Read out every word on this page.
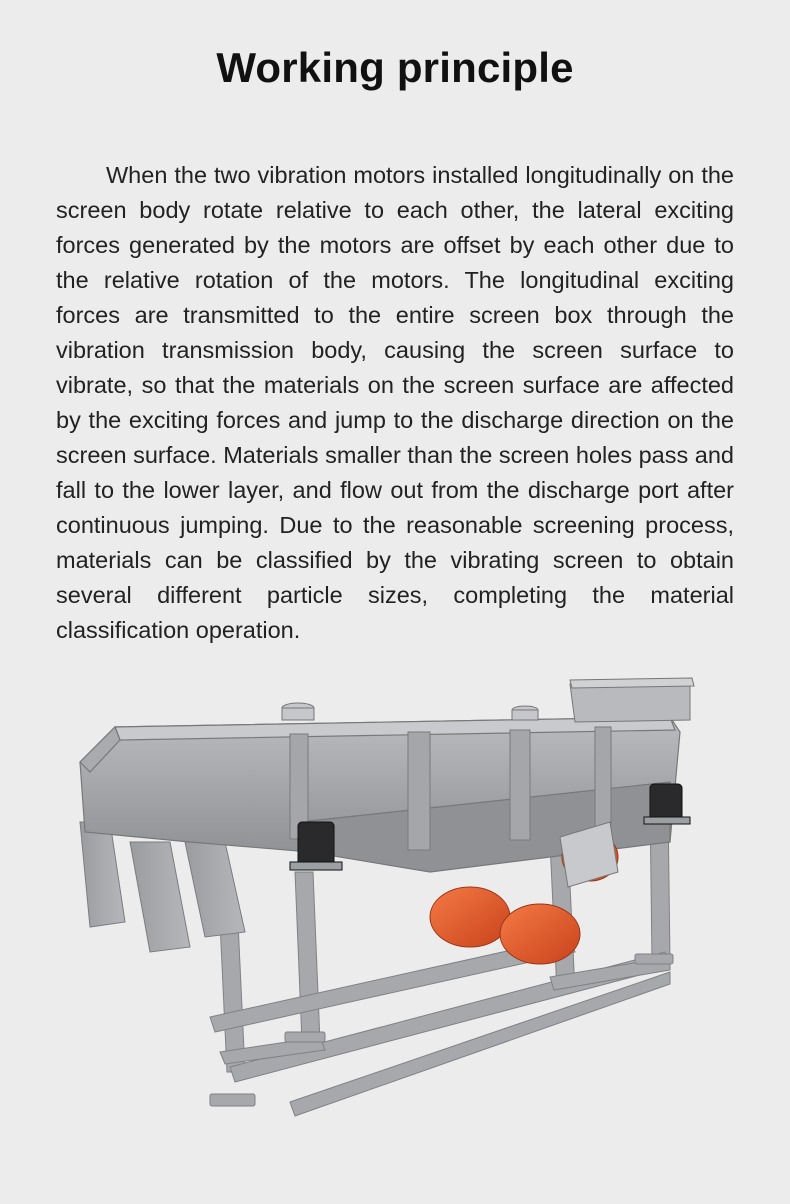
Working principle

When the two vibration motors installed longitudinally on the screen body rotate relative to each other, the lateral exciting forces generated by the motors are offset by each other due to the relative rotation of the motors. The longitudinal exciting forces are transmitted to the entire screen box through the vibration transmission body, causing the screen surface to vibrate, so that the materials on the screen surface are affected by the exciting forces and jump to the discharge direction on the screen surface. Materials smaller than the screen holes pass and fall to the lower layer, and flow out from the discharge port after continuous jumping. Due to the reasonable screening process, materials can be classified by the vibrating screen to obtain several different particle sizes, completing the material classification operation.
